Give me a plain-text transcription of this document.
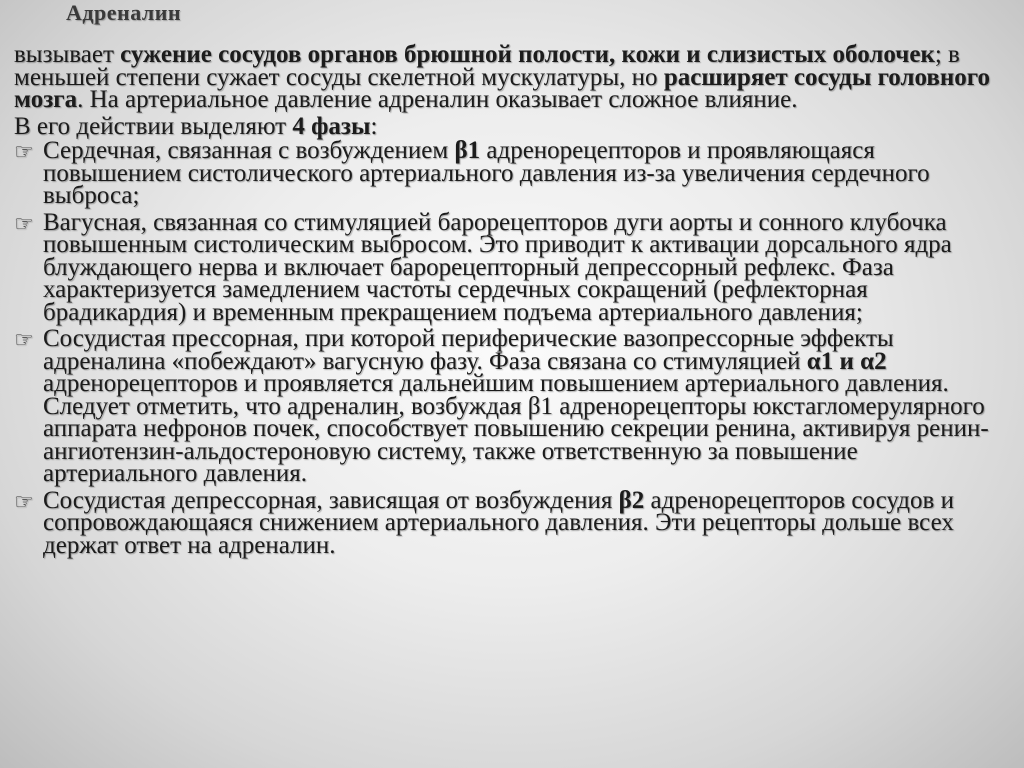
Адреналин

вызывает сужение сосудов органов брюшной полости, кожи и слизистых оболочек; в меньшей степени сужает сосуды скелетной мускулатуры, но расширяет сосуды головного мозга. На артериальное давление адреналин оказывает сложное влияние.

В его действии выделяют 4 фазы:

☞ Сердечная, связанная с возбуждением β1 адренорецепторов и проявляющаяся повышением систолического артериального давления из-за увеличения сердечного выброса;
☞ Вагусная, связанная со стимуляцией барорецепторов дуги аорты и сонного клубочка повышенным систолическим выбросом. Это приводит к активации дорсального ядра блуждающего нерва и включает барорецепторный депрессорный рефлекс. Фаза характеризуется замедлением частоты сердечных сокращений (рефлекторная брадикардия) и временным прекращением подъема артериального давления;
☞ Сосудистая прессорная, при которой периферические вазопрессорные эффекты адреналина «побеждают» вагусную фазу. Фаза связана со стимуляцией α1 и α2 адренорецепторов и проявляется дальнейшим повышением артериального давления. Следует отметить, что адреналин, возбуждая β1 адренорецепторы юкстагломерулярного аппарата нефронов почек, способствует повышению секреции ренина, активируя ренин-ангиотензин-альдостероновую систему, также ответственную за повышение артериального давления.
☞ Сосудистая депрессорная, зависящая от возбуждения β2 адренорецепторов сосудов и сопровождающаяся снижением артериального давления. Эти рецепторы дольше всех держат ответ на адреналин.
